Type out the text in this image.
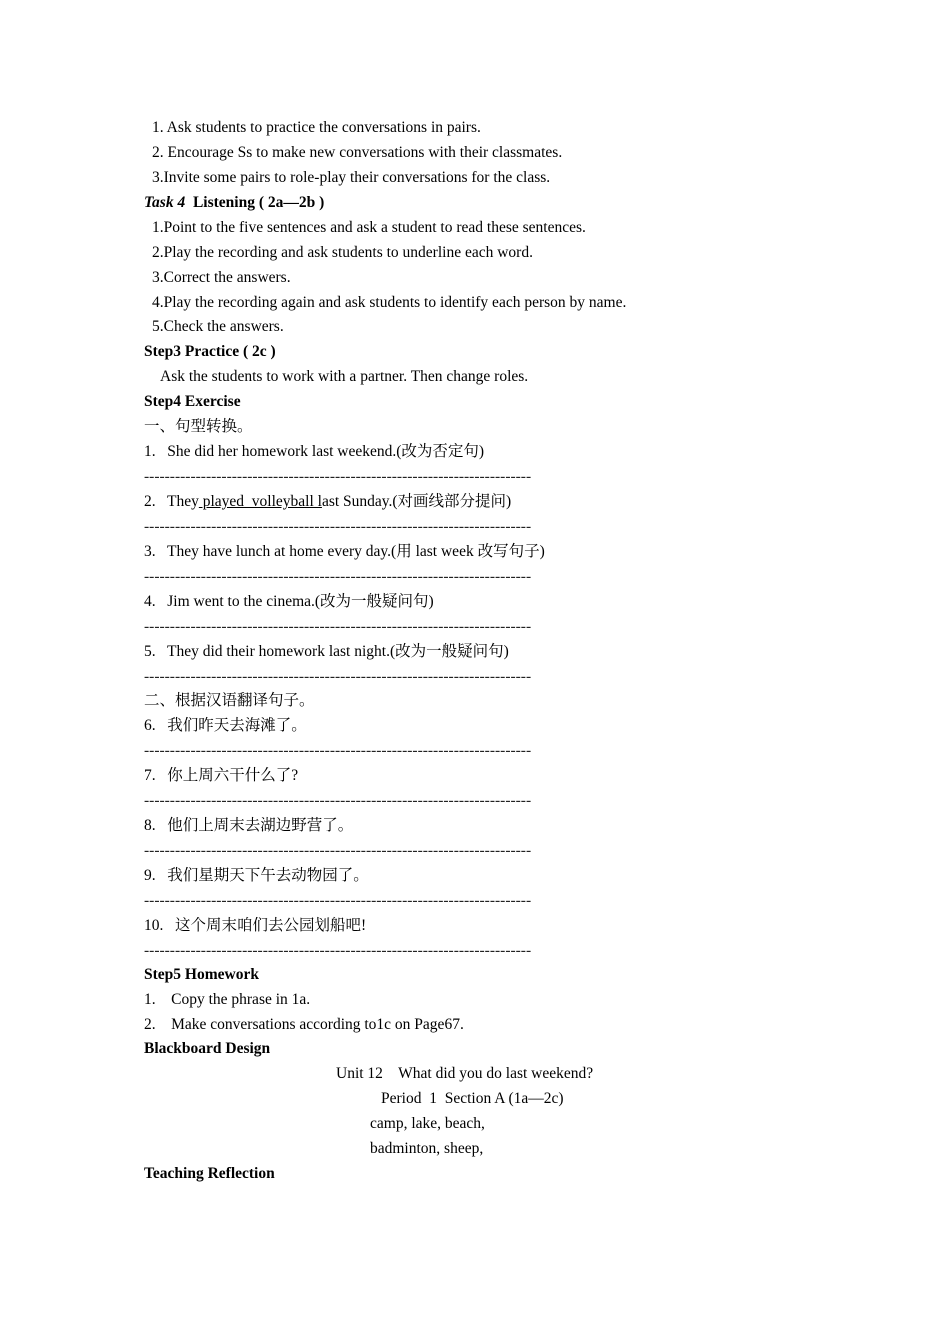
1. Ask students to practice the conversations in pairs.
2. Encourage Ss to make new conversations with their classmates.
3.Invite some pairs to role-play their conversations for the class.
Task 4 Listening ( 2a—2b )
1.Point to the five sentences and ask a student to read these sentences.
2.Play the recording and ask students to underline each word.
3.Correct the answers.
4.Play the recording again and ask students to identify each person by name.
5.Check the answers.
Step3 Practice ( 2c )
Ask the students to work with a partner. Then change roles.
Step4 Exercise
一、句型转换。
1.   She did her homework last weekend.(改为否定句)
---------------------------------------------------------------------------
2.   They played  volleyball last Sunday.(对画线部分提问)
---------------------------------------------------------------------------
3.   They have lunch at home every day.(用 last week 改写句子)
---------------------------------------------------------------------------
4.   Jim went to the cinema.(改为一般疑问句)
---------------------------------------------------------------------------
5.   They did their homework last night.(改为一般疑问句)
---------------------------------------------------------------------------
二、根据汉语翻译句子。
6.   我们昨天去海滩了。
---------------------------------------------------------------------------
7.   你上周六干什么了?
---------------------------------------------------------------------------
8.   他们上周末去湖边野营了。
---------------------------------------------------------------------------
9.   我们星期天下午去动物园了。
---------------------------------------------------------------------------
10.   这个周末咱们去公园划船吧!
---------------------------------------------------------------------------
Step5 Homework
1.    Copy the phrase in 1a.
2.    Make conversations according to1c on Page67.
Blackboard Design
Unit 12    What did you do last weekend?
Period  1  Section A (1a—2c)
camp, lake, beach,
badminton, sheep,
Teaching Reflection
